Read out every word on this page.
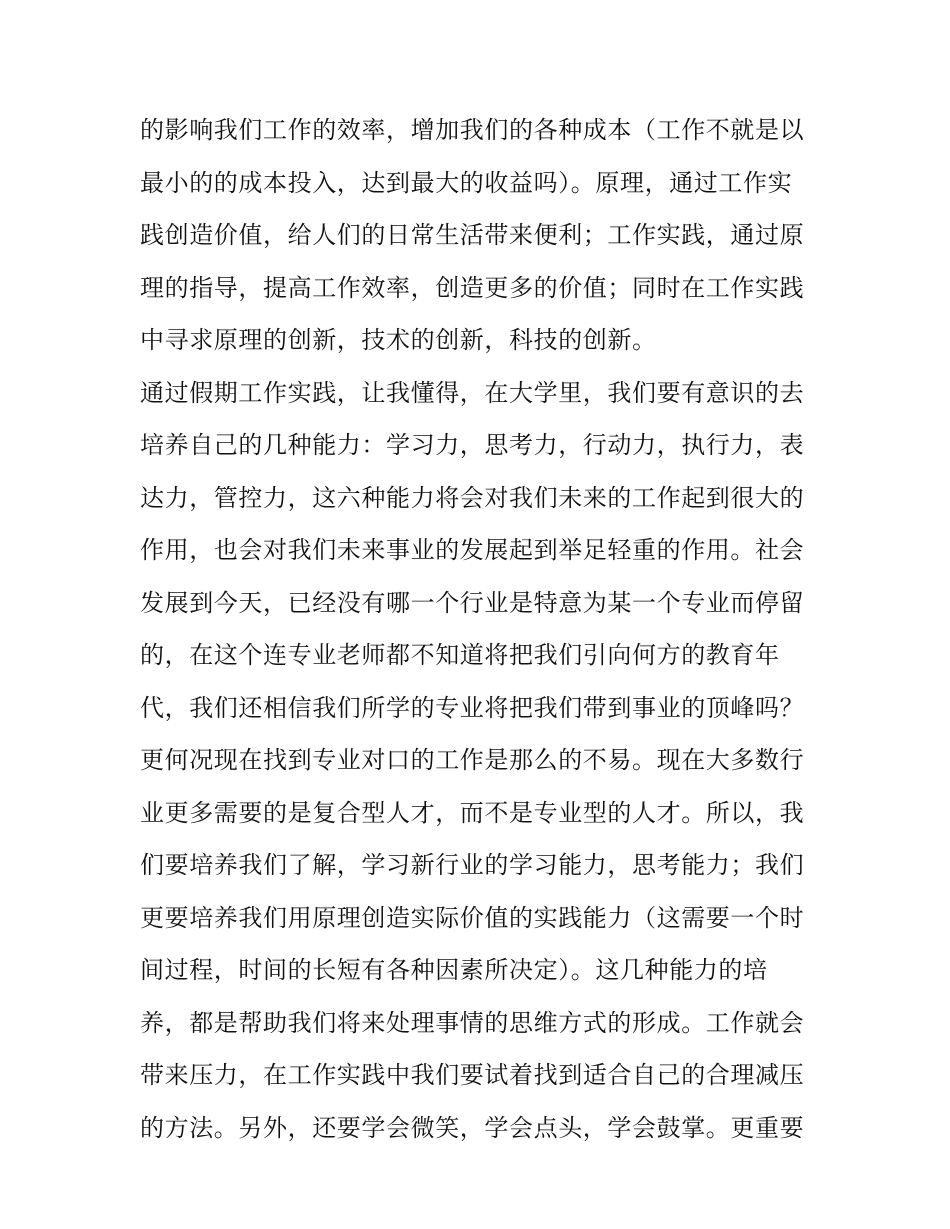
的影响我们工作的效率，增加我们的各种成本（工作不就是以
最小的的成本投入，达到最大的收益吗）。原理，通过工作实
践创造价值，给人们的日常生活带来便利；工作实践，通过原
理的指导，提高工作效率，创造更多的价值；同时在工作实践
中寻求原理的创新，技术的创新，科技的创新。
通过假期工作实践，让我懂得，在大学里，我们要有意识的去
培养自己的几种能力：学习力，思考力，行动力，执行力，表
达力，管控力，这六种能力将会对我们未来的工作起到很大的
作用，也会对我们未来事业的发展起到举足轻重的作用。社会
发展到今天，已经没有哪一个行业是特意为某一个专业而停留
的，在这个连专业老师都不知道将把我们引向何方的教育年
代，我们还相信我们所学的专业将把我们带到事业的顶峰吗？
更何况现在找到专业对口的工作是那么的不易。现在大多数行
业更多需要的是复合型人才，而不是专业型的人才。所以，我
们要培养我们了解，学习新行业的学习能力，思考能力；我们
更要培养我们用原理创造实际价值的实践能力（这需要一个时
间过程，时间的长短有各种因素所决定）。这几种能力的培
养，都是帮助我们将来处理事情的思维方式的形成。工作就会
带来压力，在工作实践中我们要试着找到适合自己的合理减压
的方法。另外，还要学会微笑，学会点头，学会鼓掌。更重要
